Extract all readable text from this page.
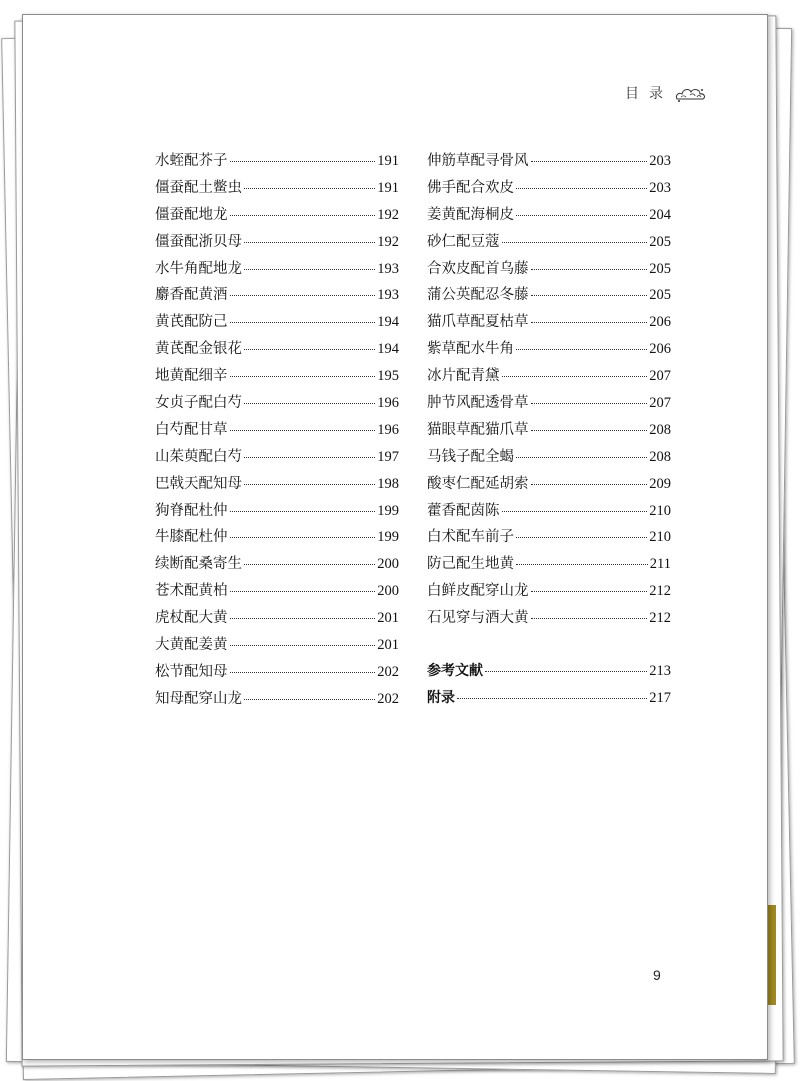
目录
水蛭配芥子	191
僵蚕配土鳖虫	191
僵蚕配地龙	192
僵蚕配浙贝母	192
水牛角配地龙	193
麝香配黄酒	193
黄芪配防己	194
黄芪配金银花	194
地黄配细辛	195
女贞子配白芍	196
白芍配甘草	196
山茱萸配白芍	197
巴戟天配知母	198
狗脊配杜仲	199
牛膝配杜仲	199
续断配桑寄生	200
苍术配黄柏	200
虎杖配大黄	201
大黄配姜黄	201
松节配知母	202
知母配穿山龙	202
伸筋草配寻骨风	203
佛手配合欢皮	203
姜黄配海桐皮	204
砂仁配豆蔻	205
合欢皮配首乌藤	205
蒲公英配忍冬藤	205
猫爪草配夏枯草	206
紫草配水牛角	206
冰片配青黛	207
肿节风配透骨草	207
猫眼草配猫爪草	208
马钱子配全蝎	208
酸枣仁配延胡索	209
藿香配茵陈	210
白术配车前子	210
防己配生地黄	211
白鲜皮配穿山龙	212
石见穿与酒大黄	212
参考文献	213
附录	217
9
